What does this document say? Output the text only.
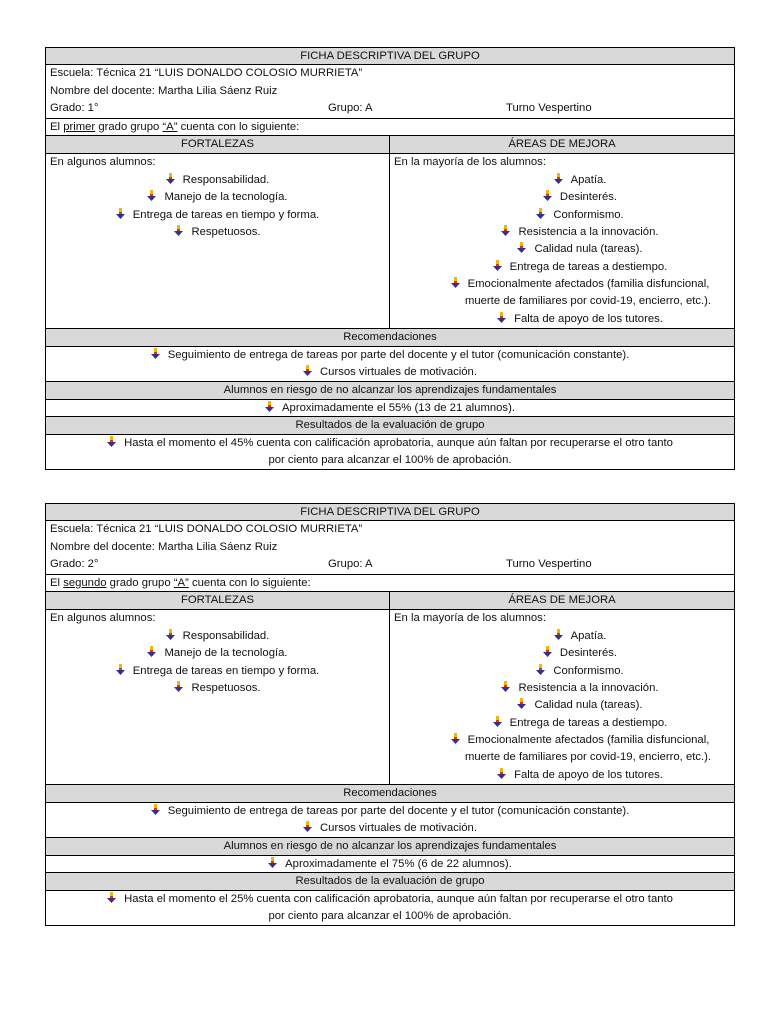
FICHA DESCRIPTIVA DEL GRUPO
Escuela: Técnica 21 “LUIS DONALDO COLOSIO MURRIETA”
Nombre del docente: Martha Lilia Sáenz Ruiz
Grado: 1°	Grupo: A	Turno Vespertino
El primer grado grupo “A” cuenta con lo siguiente:
FORTALEZAS	ÁREAS DE MEJORA
En algunos alumnos:
Responsabilidad.
Manejo de la tecnología.
Entrega de tareas en tiempo y forma.
Respetuosos.
En la mayoría de los alumnos:
Apatía.
Desinterés.
Conformismo.
Resistencia a la innovación.
Calidad nula (tareas).
Entrega de tareas a destiempo.
Emocionalmente afectados (familia disfuncional,
muerte de familiares por covid-19, encierro, etc.).
Falta de apoyo de los tutores.
Recomendaciones
Seguimiento de entrega de tareas por parte del docente y el tutor (comunicación constante).
Cursos virtuales de motivación.
Alumnos en riesgo de no alcanzar los aprendizajes fundamentales
Aproximadamente el 55% (13 de 21 alumnos).
Resultados de la evaluación de grupo
Hasta el momento el 45% cuenta con calificación aprobatoria, aunque aún faltan por recuperarse el otro tanto
por ciento para alcanzar el 100% de aprobación.
FICHA DESCRIPTIVA DEL GRUPO
Escuela: Técnica 21 “LUIS DONALDO COLOSIO MURRIETA”
Nombre del docente: Martha Lilia Sáenz Ruiz
Grado: 2°	Grupo: A	Turno Vespertino
El segundo grado grupo “A” cuenta con lo siguiente:
FORTALEZAS	ÁREAS DE MEJORA
En algunos alumnos:
Responsabilidad.
Manejo de la tecnología.
Entrega de tareas en tiempo y forma.
Respetuosos.
En la mayoría de los alumnos:
Apatía.
Desinterés.
Conformismo.
Resistencia a la innovación.
Calidad nula (tareas).
Entrega de tareas a destiempo.
Emocionalmente afectados (familia disfuncional,
muerte de familiares por covid-19, encierro, etc.).
Falta de apoyo de los tutores.
Recomendaciones
Seguimiento de entrega de tareas por parte del docente y el tutor (comunicación constante).
Cursos virtuales de motivación.
Alumnos en riesgo de no alcanzar los aprendizajes fundamentales
Aproximadamente el 75% (6 de 22 alumnos).
Resultados de la evaluación de grupo
Hasta el momento el 25% cuenta con calificación aprobatoria, aunque aún faltan por recuperarse el otro tanto
por ciento para alcanzar el 100% de aprobación.
